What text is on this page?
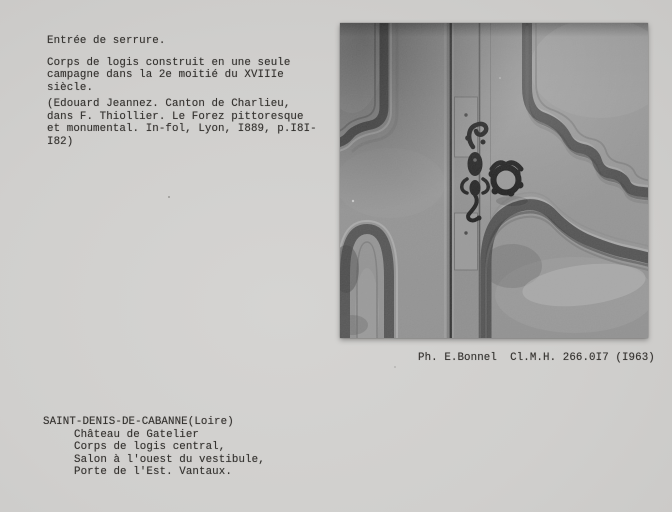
Entrée de serrure.
Corps de logis construit en une seule
campagne dans la 2e moitié du XVIIIe
siècle.
(Edouard Jeannez. Canton de Charlieu,
dans F. Thiollier. Le Forez pittoresque
et monumental. In-fol, Lyon, I889, p.I8I-
I82)
Ph. E.Bonnel  Cl.M.H. 266.0I7 (I963)
SAINT-DENIS-DE-CABANNE(Loire)
Château de Gatelier
Corps de logis central,
Salon à l'ouest du vestibule,
Porte de l'Est. Vantaux.
